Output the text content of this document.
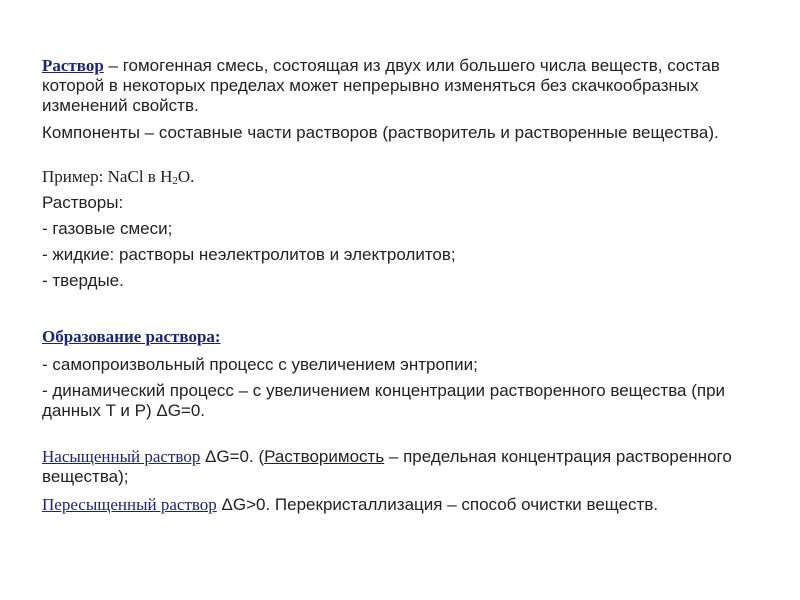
Раствор – гомогенная смесь, состоящая из двух или большего числа веществ, состав которой в некоторых пределах может непрерывно изменяться без скачкообразных изменений свойств.

Компоненты – составные части растворов (растворитель и растворенные вещества).

Пример: NaCl в $H_2O$.

Растворы:

- газовые смеси;

- жидкие: растворы неэлектролитов и электролитов;

- твердые.

Образование раствора:

- самопроизвольный процесс с увеличением энтропии;

- динамический процесс – с увеличением концентрации растворенного вещества (при данных T и P) ΔG=0.

Насыщенный раствор ΔG=0. (Растворимость – предельная концентрация растворенного вещества);

Пересыщенный раствор ΔG>0. Перекристаллизация – способ очистки веществ.
